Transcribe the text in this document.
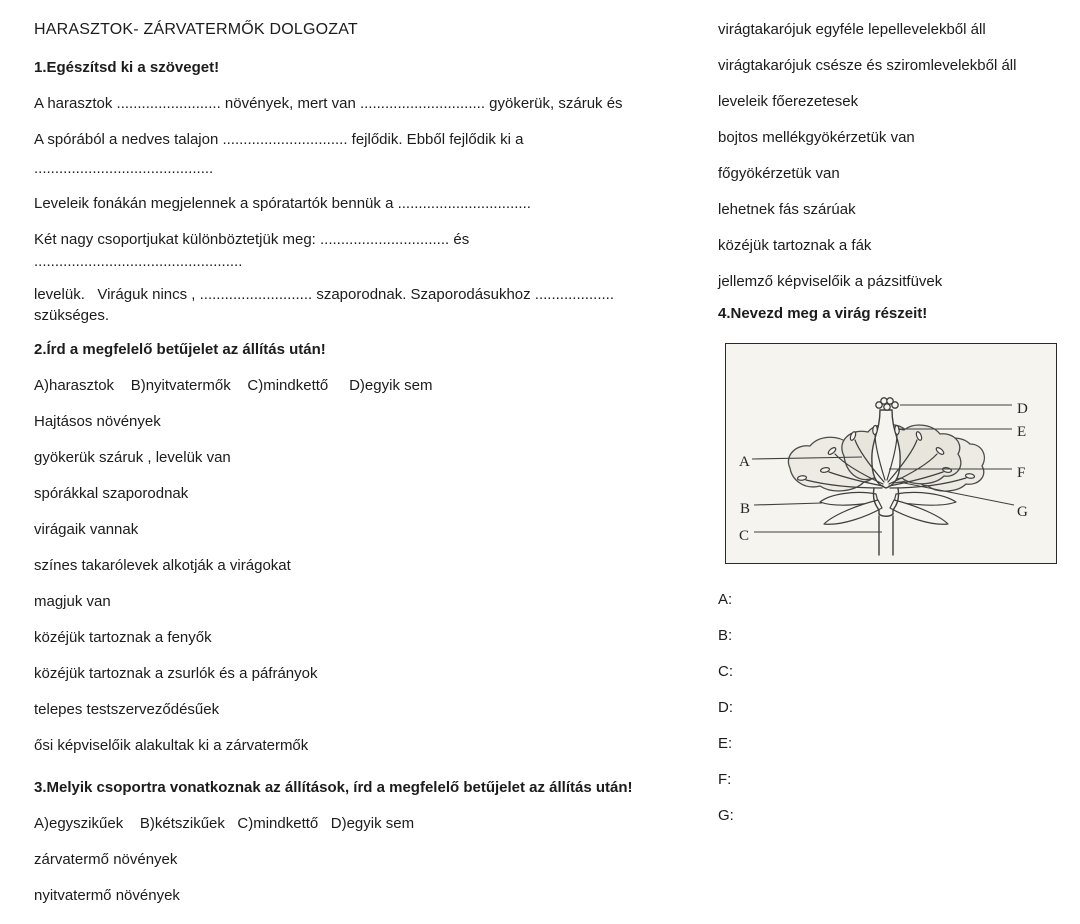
HARASZTOK- ZÁRVATERMŐK DOLGOZAT
1.Egészítsd ki a szöveget!
A harasztok ......................... növények, mert van .............................. gyökerük, száruk és
A spórából a nedves talajon .............................. fejlődik. Ebből fejlődik ki a
...........................................
Leveleik fonákán megjelennek a spóratartók bennük a ................................
Két nagy csoportjukat különböztetjük meg: ............................... és
..................................................
levelük.   Viráguk nincs , ........................... szaporodnak. Szaporodásukhoz ...................
szükséges.
2.Írd a megfelelő betűjelet az állítás után!
A)harasztok    B)nyitvatermők    C)mindkettő     D)egyik sem
Hajtásos növények
gyökerük száruk , levelük van
spórákkal szaporodnak
virágaik vannak
színes takarólevek alkotják a virágokat
magjuk van
közéjük tartoznak a fenyők
közéjük tartoznak a zsurlók és a páfrányok
telepes testszerveződésűek
ősi képviselőik alakultak ki a zárvatermők
3.Melyik csoportra vonatkoznak az állítások, írd a megfelelő betűjelet az állítás után!
A)egyszikűek    B)kétszikűek   C)mindkettő   D)egyik sem
zárvatermő növények
nyitvatermő növények
virágtakarójuk egyféle lepellevelekből áll
virágtakarójuk csésze és sziromlevelekből áll
leveleik főerezetesek
bojtos mellékgyökérzetük van
főgyökérzetük van
lehetnek fás szárúak
közéjük tartoznak a fák
jellemző képviselőik a pázsitfüvek
4.Nevezd meg a virág részeit!
A
B
C
D
E
F
G
A:
B:
C:
D:
E:
F:
G:
